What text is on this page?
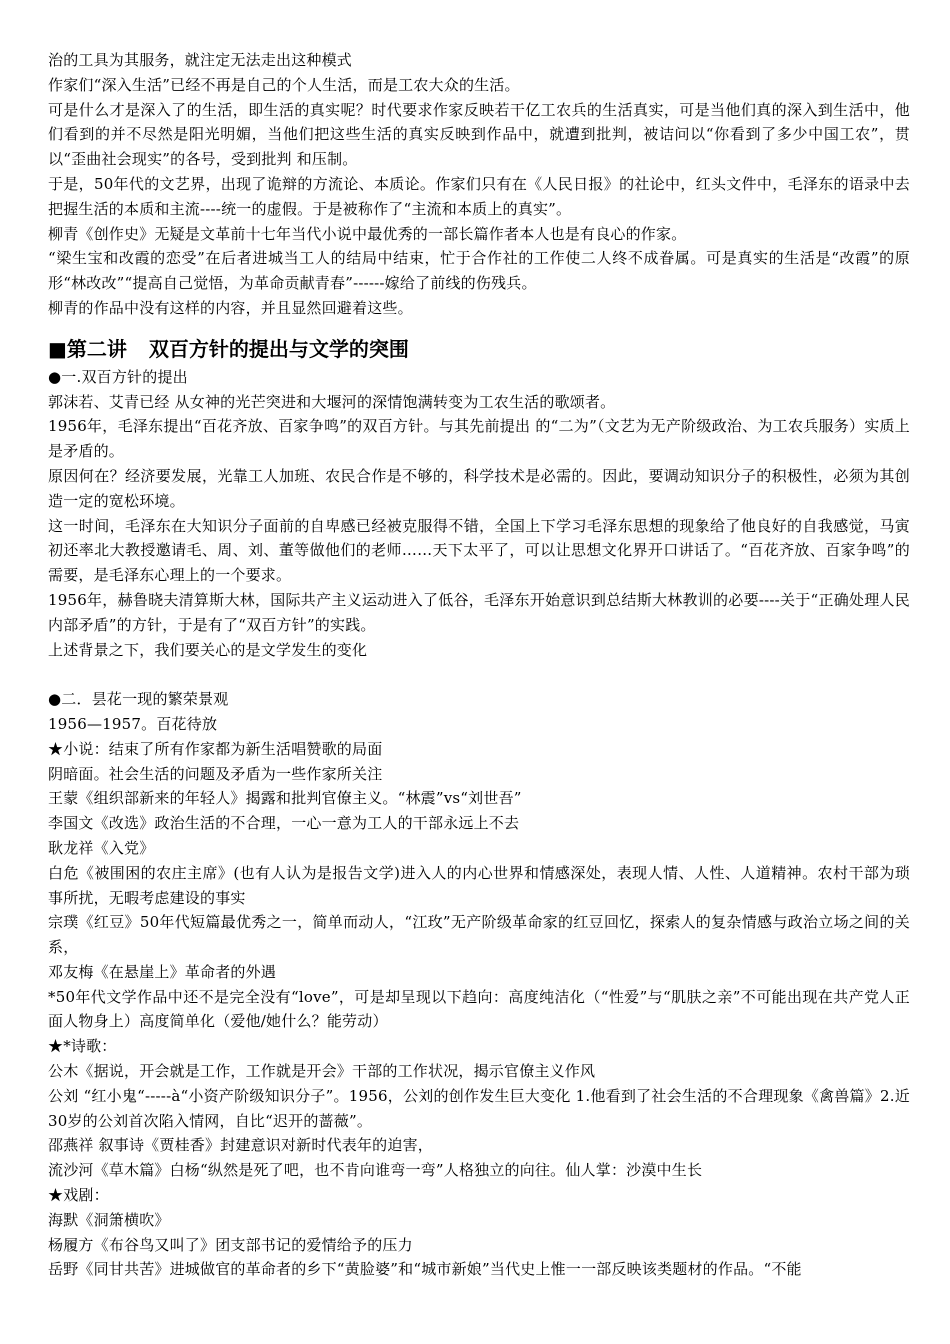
治的工具为其服务，就注定无法走出这种模式

作家们“深入生活”已经不再是自己的个人生活，而是工农大众的生活。

可是什么才是深入了的生活，即生活的真实呢？时代要求作家反映若干亿工农兵的生活真实，可是当他们真的深入到生活中，他们看到的并不尽然是阳光明媚，当他们把这些生活的真实反映到作品中，就遭到批判，被诘问以“你看到了多少中国工农”，贯以“歪曲社会现实”的各号，受到批判 和压制。

于是，50年代的文艺界，出现了诡辩的方流论、本质论。作家们只有在《人民日报》的社论中，红头文件中，毛泽东的语录中去把握生活的本质和主流----统一的虚假。于是被称作了“主流和本质上的真实”。

柳青《创作史》无疑是文革前十七年当代小说中最优秀的一部长篇作者本人也是有良心的作家。

“梁生宝和改霞的恋受”在后者进城当工人的结局中结束，忙于合作社的工作使二人终不成眷属。可是真实的生活是“改霞”的原形“林改改”“提高自己觉悟，为革命贡献青春”------嫁给了前线的伤残兵。

柳青的作品中没有这样的内容，并且显然回避着这些。

■第二讲 双百方针的提出与文学的突围

●一.双百方针的提出

郭沫若、艾青已经 从女神的光芒突进和大堰河的深情饱满转变为工农生活的歌颂者。

1956年，毛泽东提出“百花齐放、百家争鸣”的双百方针。与其先前提出 的“二为”（文艺为无产阶级政治、为工农兵服务）实质上是矛盾的。

原因何在？经济要发展，光靠工人加班、农民合作是不够的，科学技术是必需的。因此，要调动知识分子的积极性，必须为其创造一定的宽松环境。

这一时间，毛泽东在大知识分子面前的自卑感已经被克服得不错，全国上下学习毛泽东思想的现象给了他良好的自我感觉，马寅初还率北大教授邀请毛、周、刘、董等做他们的老师……天下太平了，可以让思想文化界开口讲话了。“百花齐放、百家争鸣”的需要，是毛泽东心理上的一个要求。

1956年，赫鲁晓夫清算斯大林，国际共产主义运动进入了低谷，毛泽东开始意识到总结斯大林教训的必要----关于“正确处理人民内部矛盾”的方针，于是有了“双百方针”的实践。

上述背景之下，我们要关心的是文学发生的变化

●二．昙花一现的繁荣景观

1956—1957。百花待放

★小说：结束了所有作家都为新生活唱赞歌的局面

阴暗面。社会生活的问题及矛盾为一些作家所关注

王蒙《组织部新来的年轻人》揭露和批判官僚主义。“林震”vs“刘世吾”

李国文《改选》政治生活的不合理，一心一意为工人的干部永远上不去

耿龙祥《入党》

白危《被围困的农庄主席》(也有人认为是报告文学)进入人的内心世界和情感深处，表现人情、人性、人道精神。农村干部为琐事所扰，无暇考虑建设的事实

宗璞《红豆》50年代短篇最优秀之一，简单而动人，“江玫”无产阶级革命家的红豆回忆，探索人的复杂情感与政治立场之间的关系，

邓友梅《在悬崖上》革命者的外遇

*50年代文学作品中还不是完全没有“love”，可是却呈现以下趋向：高度纯洁化（“性爱”与“肌肤之亲”不可能出现在共产党人正面人物身上）高度简单化（爱他/她什么？能劳动）

★*诗歌：

公木《据说，开会就是工作，工作就是开会》干部的工作状况，揭示官僚主义作风

公刘 “红小鬼“-----à“小资产阶级知识分子”。1956，公刘的创作发生巨大变化 1.他看到了社会生活的不合理现象《禽兽篇》2.近 30岁的公刘首次陷入情网，自比“迟开的蔷薇”。

邵燕祥 叙事诗《贾桂香》封建意识对新时代表年的迫害，

流沙河《草木篇》白杨“纵然是死了吧，也不肯向谁弯一弯”人格独立的向往。仙人掌：沙漠中生长

★戏剧：

海默《洞箫横吹》

杨履方《布谷鸟又叫了》团支部书记的爱情给予的压力

岳野《同甘共苦》进城做官的革命者的乡下“黄脸婆”和“城市新娘”当代史上惟一一部反映该类题材的作品。“不能
